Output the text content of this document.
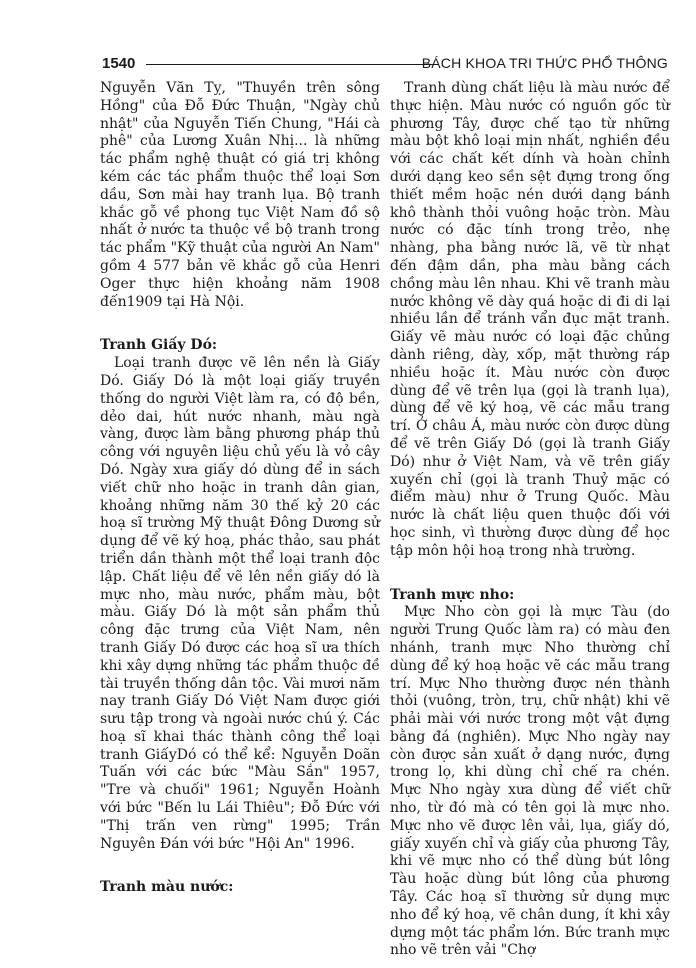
1540	BÁCH KHOA TRI THỨC PHỔ THÔNG

Nguyễn Văn Tỵ, "Thuyền trên sông Hồng" của Đỗ Đức Thuận, "Ngày chủ nhật" của Nguyễn Tiến Chung, "Hái cà phê" của Lương Xuân Nhị... là những tác phẩm nghệ thuật có giá trị không kém các tác phẩm thuộc thể loại Sơn dầu, Sơn mài hay tranh lụa. Bộ tranh khắc gỗ về phong tục Việt Nam đồ sộ nhất ở nước ta thuộc về bộ tranh trong tác phẩm "Kỹ thuật của người An Nam" gồm 4 577 bản vẽ khắc gỗ của Henri Oger thực hiện khoảng năm 1908 đến1909 tại Hà Nội.

Tranh Giấy Dó:

Loại tranh được vẽ lên nền là Giấy Dó. Giấy Dó là một loại giấy truyền thống do người Việt làm ra, có độ bền, dẻo dai, hút nước nhanh, màu ngà vàng, được làm bằng phương pháp thủ công với nguyên liệu chủ yếu là vỏ cây Dó. Ngày xưa giấy dó dùng để in sách viết chữ nho hoặc in tranh dân gian, khoảng những năm 30 thế kỷ 20 các hoạ sĩ trường Mỹ thuật Đông Dương sử dụng để vẽ ký hoạ, phác thảo, sau phát triển dần thành một thể loại tranh độc lập. Chất liệu để vẽ lên nền giấy dó là mực nho, màu nước, phẩm màu, bột màu. Giấy Dó là một sản phẩm thủ công đặc trưng của Việt Nam, nên tranh Giấy Dó được các hoạ sĩ ưa thích khi xây dựng những tác phẩm thuộc đề tài truyền thống dân tộc. Vài mươi năm nay tranh Giấy Dó Việt Nam được giới sưu tập trong và ngoài nước chú ý. Các hoạ sĩ khai thác thành công thể loại tranh GiấyDó có thể kể: Nguyễn Doãn Tuấn với các bức "Màu Sắn" 1957, "Tre và chuối" 1961; Nguyễn Hoành với bức "Bến lu Lái Thiêu"; Đỗ Đức với "Thị trấn ven rừng" 1995; Trần Nguyên Đán với bức "Hội An" 1996.

Tranh màu nước:

Tranh dùng chất liệu là màu nước để thực hiện. Màu nước có nguồn gốc từ phương Tây, được chế tạo từ những màu bột khô loại mịn nhất, nghiền đều với các chất kết dính và hoàn chỉnh dưới dạng keo sền sệt đựng trong ống thiết mềm hoặc nén dưới dạng bánh khô thành thỏi vuông hoặc tròn. Màu nước có đặc tính trong trẻo, nhẹ nhàng, pha bằng nước lã, vẽ từ nhạt đến đậm dần, pha màu bằng cách chồng màu lên nhau. Khi vẽ tranh màu nước không vẽ dày quá hoặc di đi di lại nhiều lần để tránh vẩn đục mặt tranh. Giấy vẽ màu nước có loại đặc chủng dành riêng, dày, xốp, mặt thường ráp nhiều hoặc ít. Màu nước còn được dùng để vẽ trên lụa (gọi là tranh lụa), dùng để vẽ ký hoạ, vẽ các mẫu trang trí. Ở châu Á, màu nước còn được dùng để vẽ trên Giấy Dó (gọi là tranh Giấy Dó) như ở Việt Nam, và vẽ trên giấy xuyến chỉ (gọi là tranh Thuỷ mặc có điểm màu) như ở Trung Quốc. Màu nước là chất liệu quen thuộc đối với học sinh, vì thường được dùng để học tập môn hội hoạ trong nhà trường.

Tranh mực nho:

Mực Nho còn gọi là mực Tàu (do người Trung Quốc làm ra) có màu đen nhánh, tranh mực Nho thường chỉ dùng để ký hoạ hoặc vẽ các mẫu trang trí. Mực Nho thường được nén thành thỏi (vuông, tròn, trụ, chữ nhật) khi vẽ phải mài với nước trong một vật đựng bằng đá (nghiên). Mực Nho ngày nay còn được sản xuất ở dạng nước, đựng trong lọ, khi dùng chỉ chế ra chén. Mực Nho ngày xưa dùng để viết chữ nho, từ đó mà có tên gọi là mực nho. Mực nho vẽ được lên vải, lụa, giấy dó, giấy xuyến chỉ và giấy của phương Tây, khi vẽ mực nho có thể dùng bút lông Tàu hoặc dùng bút lông của phương Tây. Các hoạ sĩ thường sử dụng mực nho để ký hoạ, vẽ chân dung, ít khi xây dựng một tác phẩm lớn. Bức tranh mực nho vẽ trên vải "Chợ
